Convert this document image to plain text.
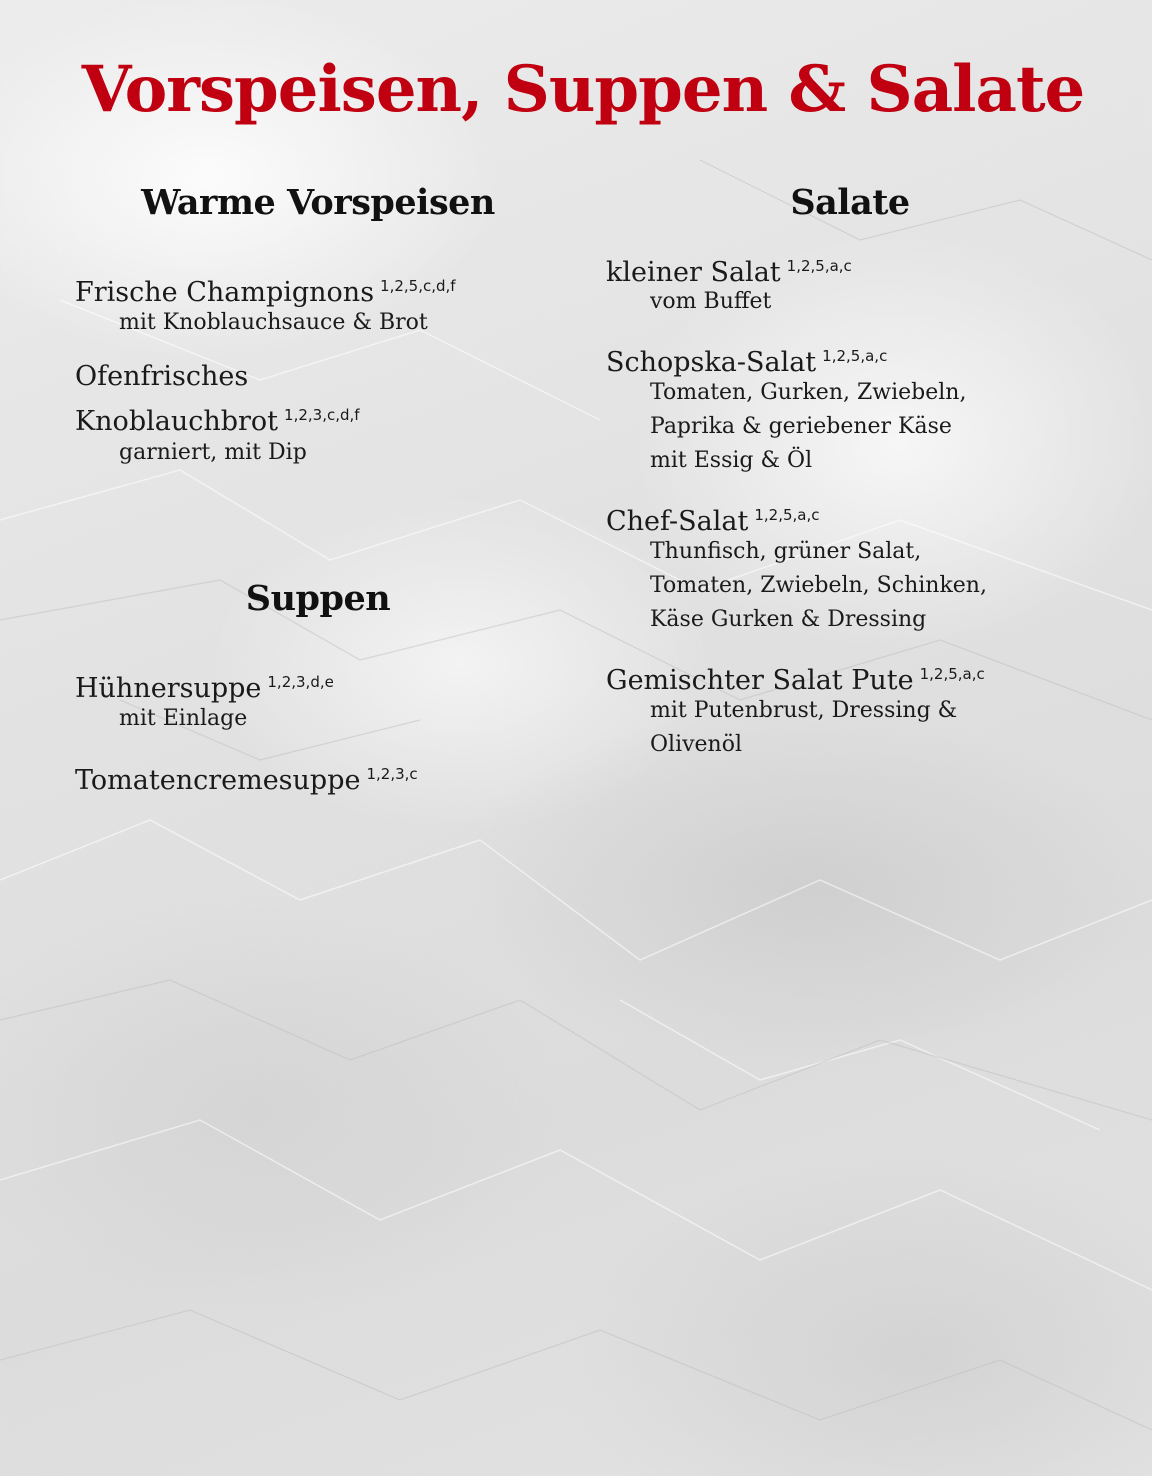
Vorspeisen, Suppen & Salate
Warme Vorspeisen
Frische Champignons $^{1,2,5,c,d,f}$

mit Knoblauchsauce & Brot

Ofenfrisches Knoblauchbrot $^{1,2,3,c,d,f}$

garniert, mit Dip

Suppen
Hühnersuppe $^{1,2,3,d,e}$

mit Einlage

Tomatencremesuppe $^{1,2,3,c}$
Salate
kleiner Salat $^{1,2,5,a,c}$

vom Buffet

Schopska-Salat $^{1,2,5,a,c}$

Tomaten, Gurken, Zwiebeln,

Paprika & geriebener Käse

mit Essig & Öl

Chef-Salat $^{1,2,5,a,c}$

Thunfisch, grüner Salat,

Tomaten, Zwiebeln, Schinken,

Käse Gurken & Dressing

Gemischter Salat Pute $^{1,2,5,a,c}$

mit Putenbrust, Dressing &

Olivenöl
